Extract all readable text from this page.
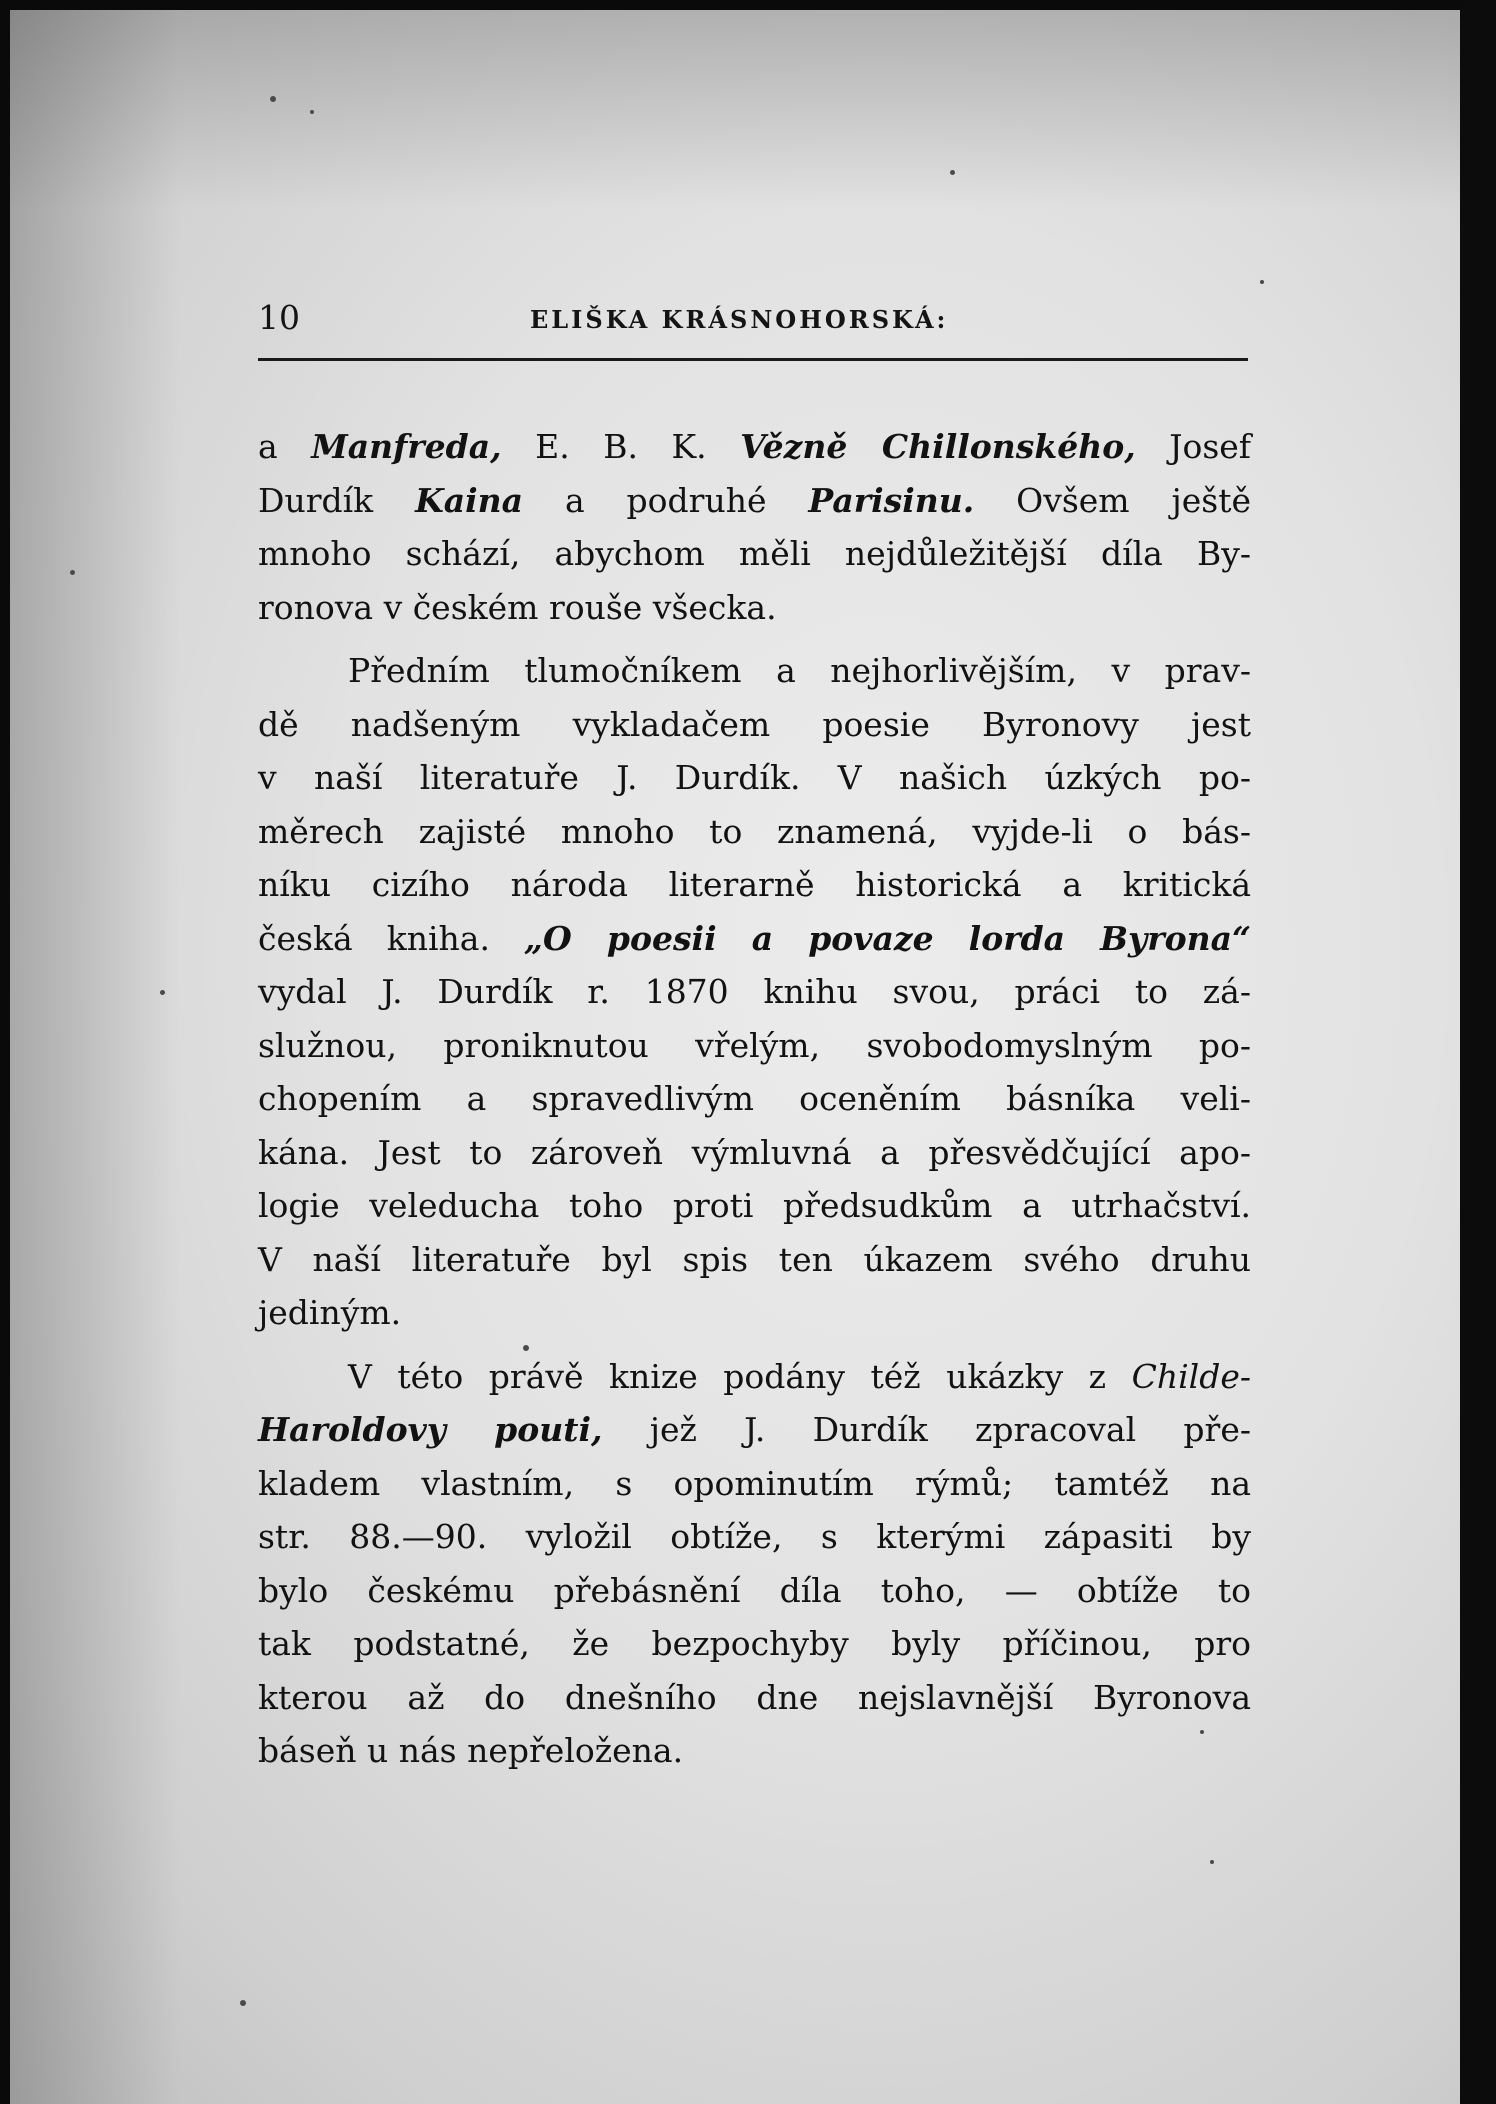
10	ELIŠKA KRÁSNOHORSKÁ:
a Manfreda, E. B. K. Vězně Chillonského, Josef
Durdík Kaina a podruhé Parisinu. Ovšem ještě
mnoho schází, abychom měli nejdůležitější díla By-
ronova v českém rouše všecka.
Předním tlumočníkem a nejhorlivějším, v prav-
dě nadšeným vykladačem poesie Byronovy jest
v naší literatuře J. Durdík. V našich úzkých po-
měrech zajisté mnoho to znamená, vyjde-li o bás-
níku cizího národa literarně historická a kritická
česká kniha. „O poesii a povaze lorda Byrona“
vydal J. Durdík r. 1870 knihu svou, práci to zá-
služnou, proniknutou vřelým, svobodomyslným po-
chopením a spravedlivým oceněním básníka veli-
kána. Jest to zároveň výmluvná a přesvědčující apo-
logie veleducha toho proti předsudkům a utrhačství.
V naší literatuře byl spis ten úkazem svého druhu
jediným.
V této právě knize podány též ukázky z Childe-
Haroldovy pouti, jež J. Durdík zpracoval pře-
kladem vlastním, s opominutím rýmů; tamtéž na
str. 88.—90. vyložil obtíže, s kterými zápasiti by
bylo českému přebásnění díla toho, — obtíže to
tak podstatné, že bezpochyby byly příčinou, pro
kterou až do dnešního dne nejslavnější Byronova
báseň u nás nepřeložena.
